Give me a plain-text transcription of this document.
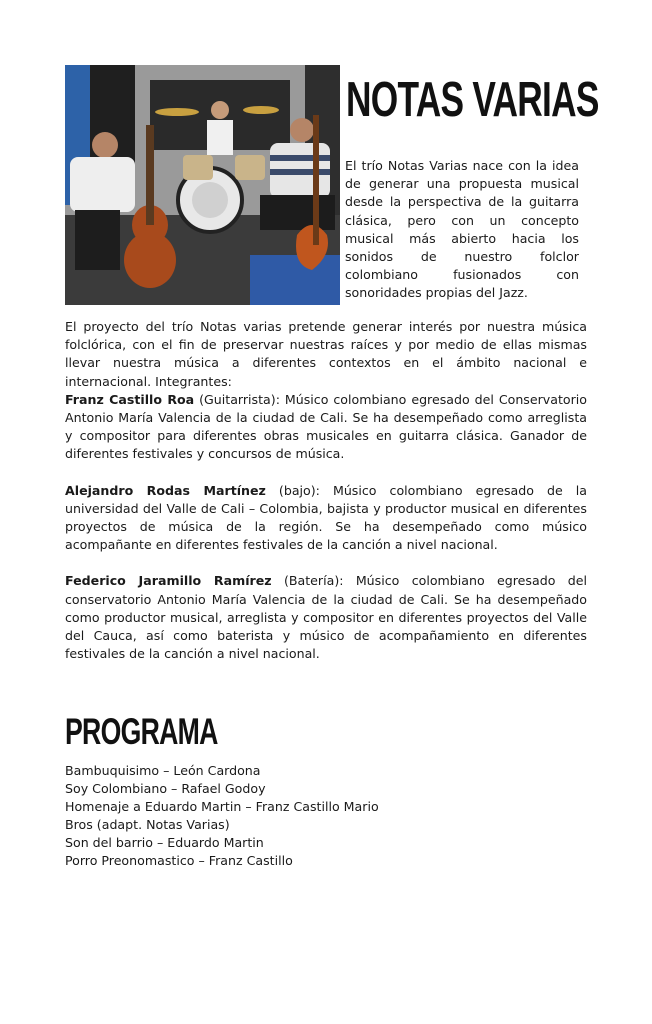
NOTAS VARIAS
El trío Notas Varias nace con la idea de generar una propuesta musical desde la perspectiva de la guitarra clásica, pero con un concepto musical más abierto hacia los sonidos de nuestro folclor colombiano fusionados con sonoridades propias del Jazz.

El proyecto del trío Notas varias pretende generar interés por nuestra música folclórica, con el fin de preservar nuestras raíces y por medio de ellas mismas llevar nuestra música a diferentes contextos en el ámbito nacional e internacional. Integrantes:

Franz Castillo Roa (Guitarrista): Músico colombiano egresado del Conservatorio Antonio María Valencia de la ciudad de Cali. Se ha desempeñado como arreglista y compositor para diferentes obras musicales en guitarra clásica. Ganador de diferentes festivales y concursos de música.

Alejandro Rodas Martínez (bajo): Músico colombiano egresado de la universidad del Valle de Cali – Colombia, bajista y productor musical en diferentes proyectos de música de la región. Se ha desempeñado como músico acompañante en diferentes festivales de la canción a nivel nacional.

Federico Jaramillo Ramírez (Batería): Músico colombiano egresado del conservatorio Antonio María Valencia de la ciudad de Cali. Se ha desempeñado como productor musical, arreglista y compositor en diferentes proyectos del Valle del Cauca, así como baterista y músico de acompañamiento en diferentes festivales de la canción a nivel nacional.

PROGRAMA
Bambuquisimo – León Cardona
Soy Colombiano – Rafael Godoy
Homenaje a Eduardo Martin – Franz Castillo Mario
Bros (adapt. Notas Varias)
Son del barrio – Eduardo Martin
Porro Preonomastico – Franz Castillo
